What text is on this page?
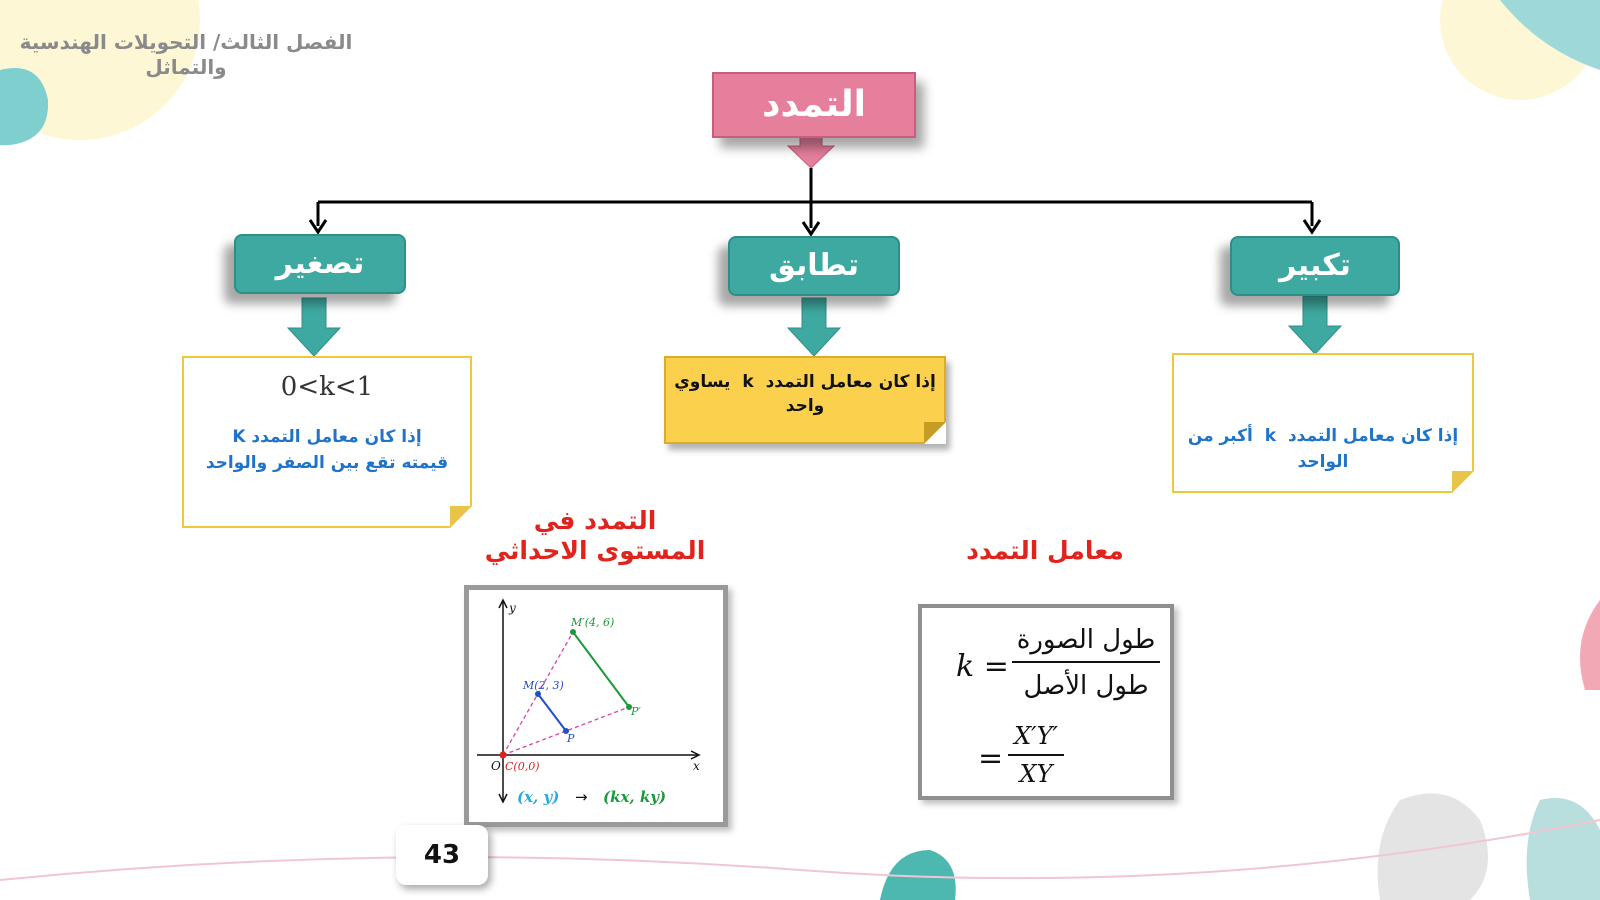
الفصل الثالث/ التحويلات الهندسية
والتماثل
التمدد
تكبير
تطابق
تصغير
إذا كان معامل التمدد k أكبر من
الواحد
إذا كان معامل التمدد k يساوي
واحد
0<k<1
إذا كان معامل التمدد K
قيمته تقع بين الصفر والواحد
التمدد في
المستوى الاحداثي	معامل التمدد
k =
طول الصورة
طول الأصل
=
X′Y′
XY
y
x
O
M′(4, 6)
M(2, 3)
P
P′
C(0,0)
(x, y) → (kx, ky)
43
